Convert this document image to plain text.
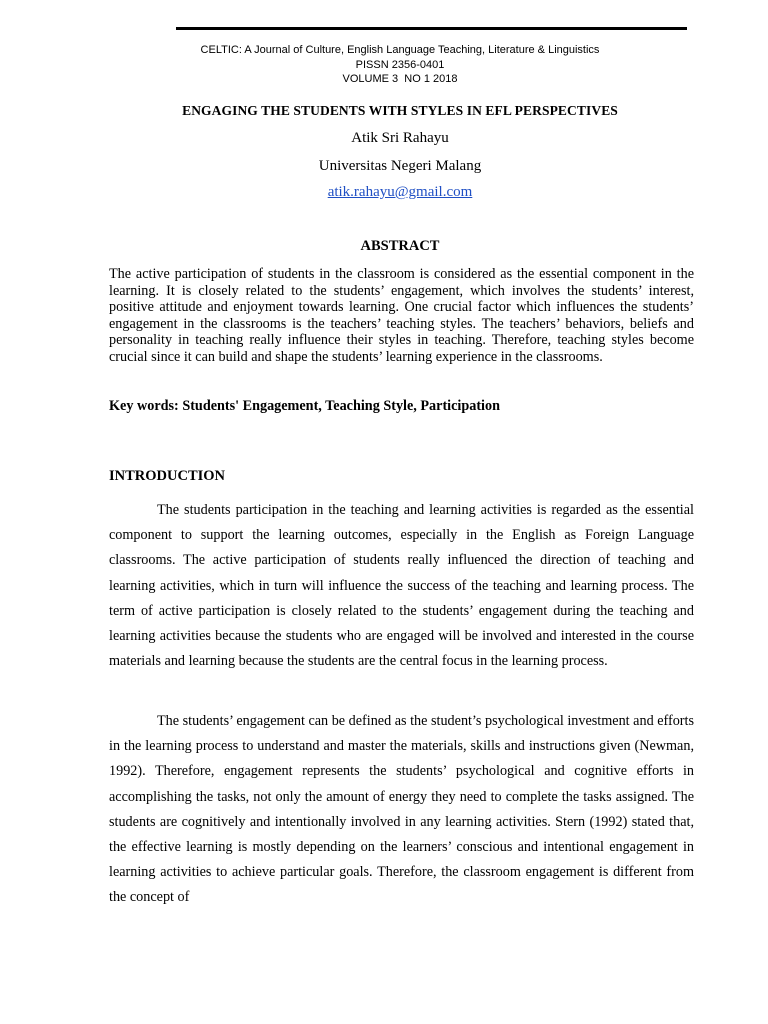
CELTIC: A Journal of Culture, English Language Teaching, Literature & Linguistics
PISSN 2356-0401
VOLUME 3  NO 1 2018
ENGAGING THE STUDENTS WITH STYLES IN EFL PERSPECTIVES
Atik Sri Rahayu
Universitas Negeri Malang
atik.rahayu@gmail.com
ABSTRACT
The active participation of students in the classroom is considered as the essential component in the learning. It is closely related to the students’ engagement, which involves the students’ interest, positive attitude and enjoyment towards learning. One crucial factor which influences the students’ engagement in the classrooms is the teachers’ teaching styles. The teachers’ behaviors, beliefs and personality in teaching really influence their styles in teaching. Therefore, teaching styles become crucial since it can build and shape the students’ learning experience in the classrooms.
Key words: Students' Engagement, Teaching Style, Participation
INTRODUCTION

The students participation in the teaching and learning activities is regarded as the essential component to support the learning outcomes, especially in the English as Foreign Language classrooms. The active participation of students really influenced the direction of teaching and learning activities, which in turn will influence the success of the teaching and learning process. The term of active participation is closely related to the students’ engagement during the teaching and learning activities because the students who are engaged will be involved and interested in the course materials and learning because the students are the central focus in the learning process.

The students’ engagement can be defined as the student’s psychological investment and efforts in the learning process to understand and master the materials, skills and instructions given (Newman, 1992). Therefore, engagement represents the students’ psychological and cognitive efforts in accomplishing the tasks, not only the amount of energy they need to complete the tasks assigned. The students are cognitively and intentionally involved in any learning activities. Stern (1992) stated that, the effective learning is mostly depending on the learners’ conscious and intentional engagement in learning activities to achieve particular goals. Therefore, the classroom engagement is different from the concept of
